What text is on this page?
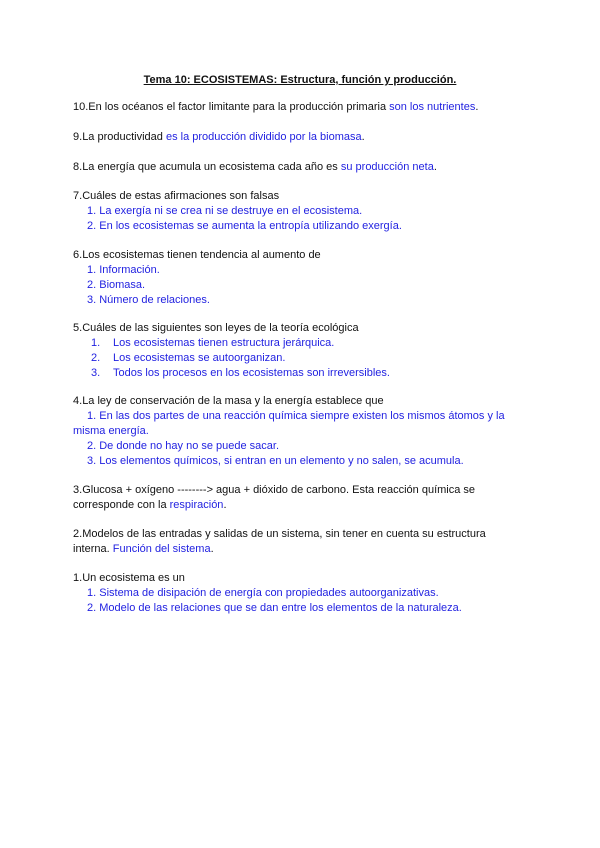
Tema 10: ECOSISTEMAS: Estructura, función y producción.
10.En los océanos el factor limitante para la producción primaria son los nutrientes.
9.La productividad es la producción dividido por la biomasa.
8.La energía que acumula un ecosistema cada año es su producción neta.
7.Cuáles de estas afirmaciones son falsas
1. La exergía ni se crea ni se destruye en el ecosistema.
2. En los ecosistemas se aumenta la entropía utilizando exergía.
6.Los ecosistemas tienen tendencia al aumento de
1. Información.
2. Biomasa.
3. Número de relaciones.
5.Cuáles de las siguientes son leyes de la teoría ecológica
1. Los ecosistemas tienen estructura jerárquica.
2. Los ecosistemas se autoorganizan.
3. Todos los procesos en los ecosistemas son irreversibles.
4.La ley de conservación de la masa y la energía establece que
1. En las dos partes de una reacción química siempre existen los mismos átomos y la
misma energía.
2. De donde no hay no se puede sacar.
3. Los elementos químicos, si entran en un elemento y no salen, se acumula.
3.Glucosa + oxígeno --------> agua + dióxido de carbono. Esta reacción química se
corresponde con la respiración.
2.Modelos de las entradas y salidas de un sistema, sin tener en cuenta su estructura
interna. Función del sistema.
1.Un ecosistema es un
1. Sistema de disipación de energía con propiedades autoorganizativas.
2. Modelo de las relaciones que se dan entre los elementos de la naturaleza.
